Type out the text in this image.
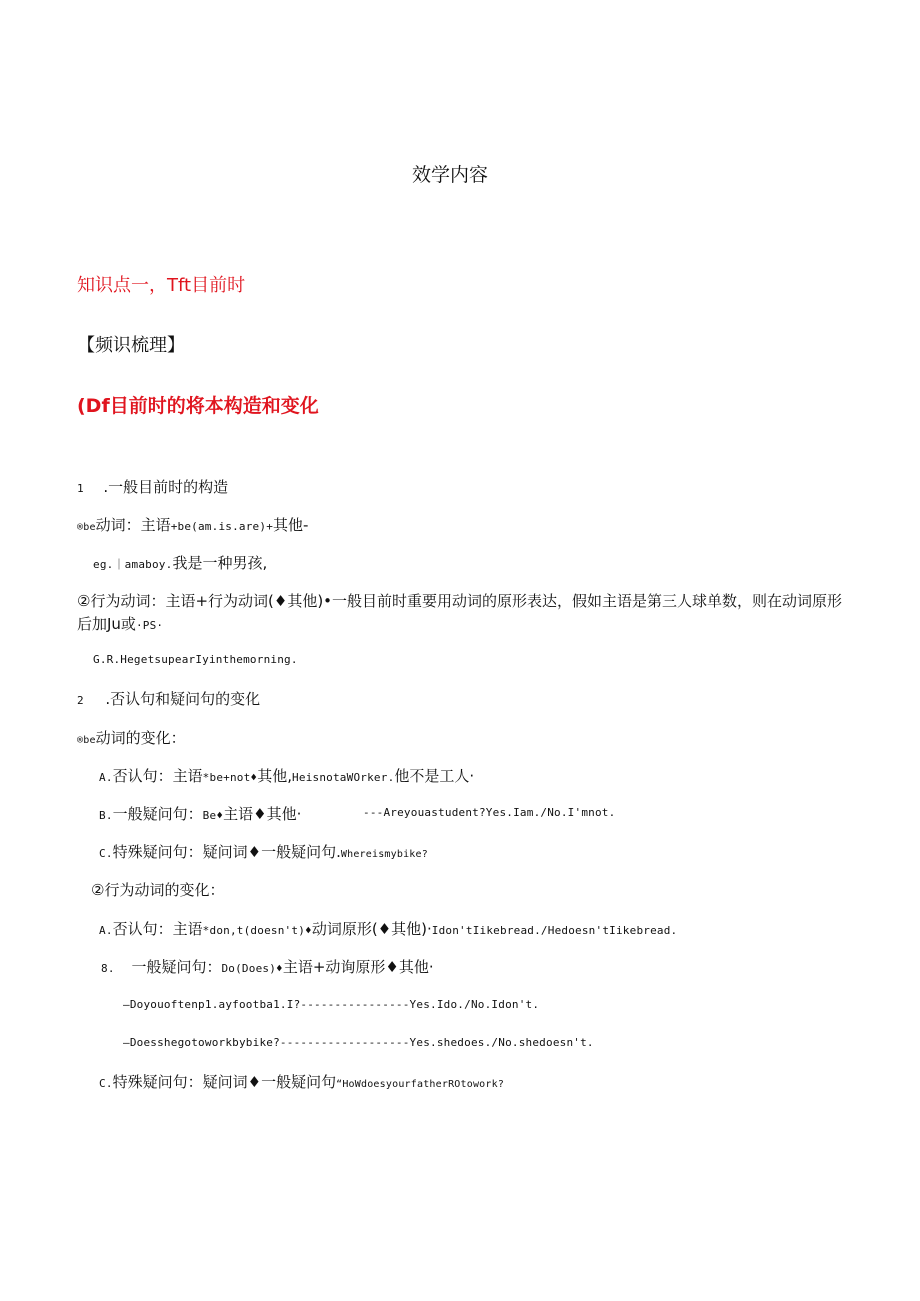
效学内容
知识点一，Tft目前时
【频识梳理】
(Df目前时的将本构造和变化
1 .一般目前时的构造
®be动词：主语+be(am.is.are)+其他-
eg.｜amaboy.我是一种男孩,
②行为动词：主语+行为动词(♦其他)•一般目前时重要用动词的原形表达，假如主语是第三人球单数，则在动词原形
后加Ju或·PS·
G.R.HegetsupearIyinthemorning.
2 .否认句和疑问句的变化
®be动词的变化：
A.否认句：主语*be+not♦其他,HeisnotaWOrker.他不是工人·
B.一般疑问句：Be♦主语♦其他·	---Areyouastudent?Yes.Iam./No.I'mnot.
C.特殊疑问句：疑问词♦一般疑问句.Whereismybike?
②行为动词的变化：
A.否认句：主语*don,t(doesn't)♦动词原形(♦其他)·Idon'tIikebread./Hedoesn'tIikebread.
8. 一般疑问句：Do(Does)♦主语+动询原形♦其他·
—Doyouoftenp1.ayfootba1.I?----------------Yes.Ido./No.Idon't.
—Doesshegotoworkbybike?-------------------Yes.shedoes./No.shedoesn't.
C.特殊疑问句：疑问词♦一般疑问句“HoWdoesyourfatherROtowork?
